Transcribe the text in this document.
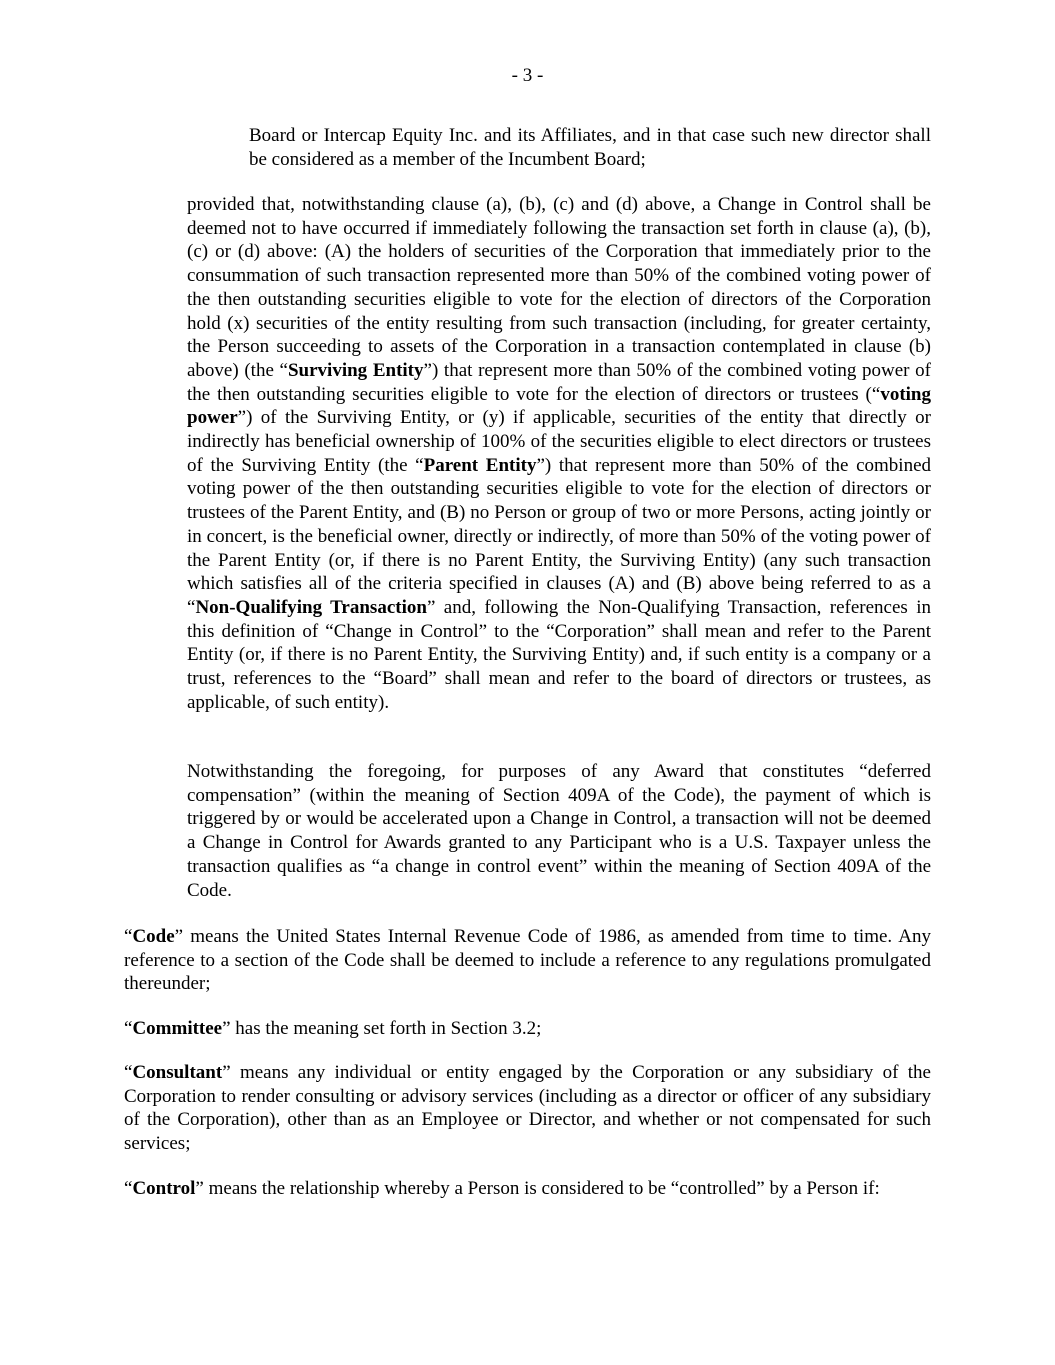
- 3 -

Board or Intercap Equity Inc. and its Affiliates, and in that case such new director shall be considered as a member of the Incumbent Board;

provided that, notwithstanding clause (a), (b), (c) and (d) above, a Change in Control shall be deemed not to have occurred if immediately following the transaction set forth in clause (a), (b), (c) or (d) above: (A) the holders of securities of the Corporation that immediately prior to the consummation of such transaction represented more than 50% of the combined voting power of the then outstanding securities eligible to vote for the election of directors of the Corporation hold (x) securities of the entity resulting from such transaction (including, for greater certainty, the Person succeeding to assets of the Corporation in a transaction contemplated in clause (b) above) (the “Surviving Entity”) that represent more than 50% of the combined voting power of the then outstanding securities eligible to vote for the election of directors or trustees (“voting power”) of the Surviving Entity, or (y) if applicable, securities of the entity that directly or indirectly has beneficial ownership of 100% of the securities eligible to elect directors or trustees of the Surviving Entity (the “Parent Entity”) that represent more than 50% of the combined voting power of the then outstanding securities eligible to vote for the election of directors or trustees of the Parent Entity, and (B) no Person or group of two or more Persons, acting jointly or in concert, is the beneficial owner, directly or indirectly, of more than 50% of the voting power of the Parent Entity (or, if there is no Parent Entity, the Surviving Entity) (any such transaction which satisfies all of the criteria specified in clauses (A) and (B) above being referred to as a “Non-Qualifying Transaction” and, following the Non-Qualifying Transaction, references in this definition of “Change in Control” to the “Corporation” shall mean and refer to the Parent Entity (or, if there is no Parent Entity, the Surviving Entity) and, if such entity is a company or a trust, references to the “Board” shall mean and refer to the board of directors or trustees, as applicable, of such entity).

Notwithstanding the foregoing, for purposes of any Award that constitutes “deferred compensation” (within the meaning of Section 409A of the Code), the payment of which is triggered by or would be accelerated upon a Change in Control, a transaction will not be deemed a Change in Control for Awards granted to any Participant who is a U.S. Taxpayer unless the transaction qualifies as “a change in control event” within the meaning of Section 409A of the Code.

“Code” means the United States Internal Revenue Code of 1986, as amended from time to time. Any reference to a section of the Code shall be deemed to include a reference to any regulations promulgated thereunder;

“Committee” has the meaning set forth in Section 3.2;

“Consultant” means any individual or entity engaged by the Corporation or any subsidiary of the Corporation to render consulting or advisory services (including as a director or officer of any subsidiary of the Corporation), other than as an Employee or Director, and whether or not compensated for such services;

“Control” means the relationship whereby a Person is considered to be “controlled” by a Person if:
